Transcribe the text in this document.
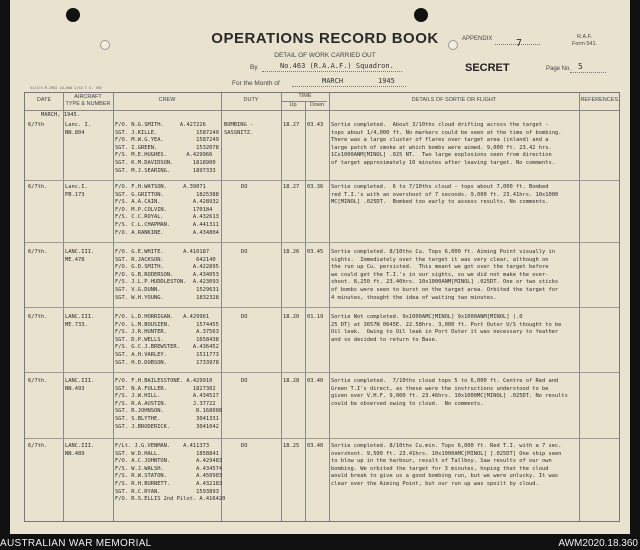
OPERATIONS RECORD BOOK
DETAIL OF WORK CARRIED OUT
By	No.463 (R.A.A.F.) Squadron.
For the Month of	MARCH	1945
APPENDIX 7
R.A.F.
Form 541.
SECRET	Page No. 5
51/2/5 M.2962 10,000 2/44 T.S. 700
DATE	AIRCRAFT
TYPE & NUMBER
CREW	DUTY
TIME
Up	Down
DETAILS OF SORTIE OR FLIGHT	REFERENCES.
MARCH, 1945.
6/7th	Lanc. I.
NN.804
F/O. N.G.SMITH.     A.427226
SGT. J.KILLE.            1587249
F/O. M.W.G.YEA.          1587249
SGT. I.GREEN.            1532078
F/S. M.E.HUGHES.      A.429966
SGT. K.M.DAVIDSON.      1818900
SGT. M.J.SEARING.       1897333
BOMBING -
SASSNITZ.
18.27 03.43 Sortie completed.  About 3/10ths cloud drifting across the target -
tops about 1/4,000 ft. No markers could be seen at the time of bombing.
There was a large cluster of flares over target area (inland) and a
large patch of smoke at which bombs were aimed. 9,000 ft. 23.42 hrs.
1Cx1000ANM[MINOL] .025 NT.  Two large explosions seen from direction
of target approximately 10 minutes after leaving target. No comments.
6/7th.	Lanc.I.
PB.173
F/O. F.H.WATSON.     A.39071
SGT. G.GRITTON.          1825388
F/S. A.A.CAIN.          A.428932
F/O. M.P.COLVIN.        170184
F/S. C.C.ROYAL.         A.432613
F/S. C.L.CHAPMAN.       A.441311
F/O. A.RANKINE.         A.434804
DO	18.27 03.36 Sortie completed.  6 to 7/10ths cloud - tops about 7,000 ft. Bombed
red T.I.'s with an overshoot of 7 seconds. 9,000 ft. 23.41hrs. 10x1000
MC[MINOL] .025DT.  Bombed too early to assess results. No comments.
6/7th.	LANC.III.
ME.478
F/O. G.E.WHITE.      A.410187
SGT. R.JACKSON.          642140
F/O. G.D.SMITH.         A.422895
F/O. G.B.RODERSON.      A.434053
F/S. J.L.P.HUDDLESTON.  A.423093
SGT. V.G.DUNN.           1529631
SGT. W.H.YOUNG.          1832328
DO	18.26 03.45 Sortie completed. 8/10ths Cu. Tops 6,000 ft. Aiming Point visually in
sights.  Immediately over the target it was very clear, although on
the run up Cu. persisted.  This meant we got over the target before
we could get the T.I.'s in our sights, so we did not make the over-
shoot. 8,250 ft. 23.40hrs. 10x1000ANM[MINOL] .025DT. One or two sticks
of bombs were seen to burst on the target area. Orbited the target for
4 minutes, thought the idea of waiting two minutes.
6/7th.	LANC.III.
ME.733.
F/O. L.D.HORRIGAN.   A.429961
F/O. L.M.BOUSIEN.        1574455
F/S. J.R.HUNTER.         A.37563
SGT. D.P.WELLS.          1658438
F/S. G.C.J.BREWSTER.    A.436452
SGT. A.H.VARLEY.         1511773
SGT. H.D.DOBSON.         1733978
DO	18.20 01.19 Sortie Not completed. 9x1000AMC[MINOL] 9x1000ANM[MINOL] (.0
25 DT) at 3657N 0645E. 22.58hrs. 3,000 ft. Port Outer U/S thought to be
Oil leak.  Owing to Oil leak in Port Outer it was necessary to feather
and so decided to return to Base.
6/7th.	LANC.III.
NN.493
F/O. F.H.BAILESSTONE. A.429910
SGT. N.A.FULLER.        1827302
F/S. J.W.HILL.          A.434527
F/S. R.A.AUSTIN.        J.37722
SGT. R.JOHNSON.          R.168008
SGT. S.BLYTHE.           3041331
SGT. J.BRODERICK.        3041042
DO	18.28 03.40 Sortie completed.  7/10ths cloud tops 5 to 6,000 ft. Centre of Red and
Green T.I's direct, as these were the instructions understood to be
given over V.H.F. 9,000 ft. 23.46hrs. 10x1000MC[MINOL] .025DT. No results
could be observed owing to cloud.  No comments.
6/7th.	LANC.III.
NN.489
F/Lt. J.G.VENMAN.    A.411373
SGT. W.D.HALL.           1858841
F/O. A.C.JOHNTON.        A.429483
F/S. W.J.WALSH.          A.434574
F/S. R.W.STATON.         A.450903
F/S. R.H.BURNETT.        A.432183
SGT. R.C.RYAN.           1593893
F/O. R.S.ELLIS 2nd Pilot. A.416420
DO	18.25 03.40 Sortie completed. 8/10ths Cu.min. Tops 6,000 ft. Red T.I. with a 7 sec.
overshoot. 9,500 ft. 23.41hrs. 10x1000AMC[MINOL] [.025DT] One ship seen
to blow up in the harbour, result of Tallboy. Saw results of our own
bombing. We orbited the target for 3 minutes, hoping that the cloud
would break to give us a good bombing run, but we were unlucky. It was
clear over the Aiming Point, but our run up was spoilt by cloud.
AUSTRALIAN WAR MEMORIAL	AWM2020.18.360
